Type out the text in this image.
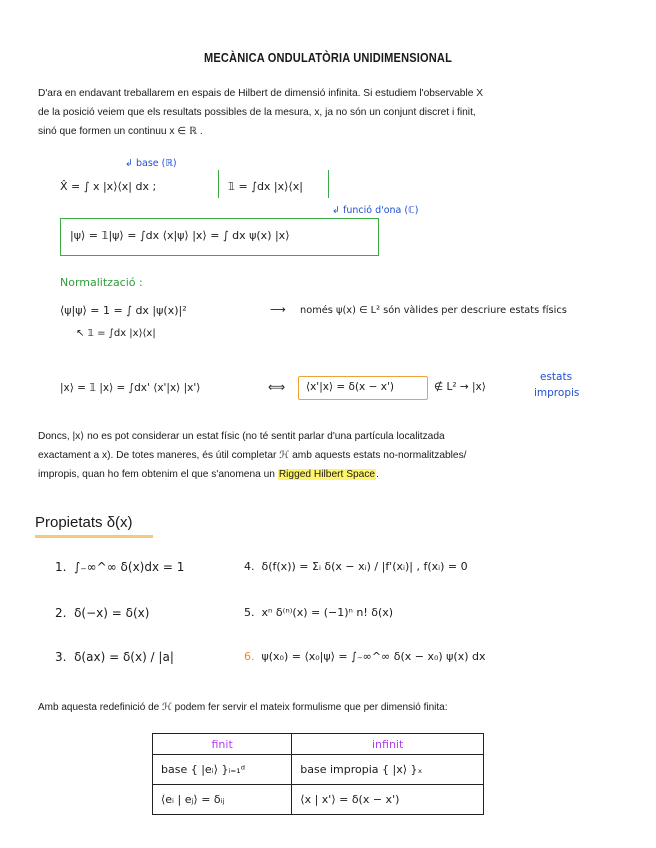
MECÀNICA ONDULATÒRIA UNIDIMENSIONAL
D'ara en endavant treballarem en espais de Hilbert de dimensió infinita. Si estudiem l'observable X
de la posició veiem que els resultats possibles de la mesura, x, ja no són un conjunt discret i finit,
sinó que formen un continuu x ∈ ℝ .
↲ base (ℝ)
X̂ = ∫ x |x⟩⟨x| dx ;	𝟙 = ∫dx |x⟩⟨x|
↲ funció d'ona (ℂ)
|ψ⟩ = 𝟙|ψ⟩ = ∫dx ⟨x|ψ⟩ |x⟩ = ∫ dx ψ(x) |x⟩
Normalització :
⟨ψ|ψ⟩ = 1 = ∫ dx |ψ(x)|²	⟶ només ψ(x) ∈ L² són vàlides per descriure estats físics
↖ 𝟙 = ∫dx |x⟩⟨x|
|x⟩ = 𝟙 |x⟩ = ∫dx' ⟨x'|x⟩ |x'⟩	⟺ ⟨x'|x⟩ = δ(x − x')	∉ L² → |x⟩
estats
impropis
Doncs, |x⟩ no es pot considerar un estat físic (no té sentit parlar d'una partícula localitzada
exactament a x). De totes maneres, és útil completar ℋ amb aquests estats no-normalitzables/
impropis, quan ho fem obtenim el que s'anomena un Rigged Hilbert Space.
Propietats δ(x)
1. ∫₋∞^∞ δ(x)dx = 1
2. δ(−x) = δ(x)
3. δ(ax) = δ(x) / |a|
4. δ(f(x)) = Σᵢ δ(x − xᵢ) / |f'(xᵢ)| , f(xᵢ) = 0
5. xⁿ δ⁽ⁿ⁾(x) = (−1)ⁿ n! δ(x)
6. ψ(x₀) = ⟨x₀|ψ⟩ = ∫₋∞^∞ δ(x − x₀) ψ(x) dx
Amb aquesta redefinició de ℋ podem fer servir el mateix formulisme que per dimensió finita:
finit	infinit
base { |eᵢ⟩ }ᵢ₌₁ᵈ	base impropia { |x⟩ }ₓ
⟨eᵢ | eⱼ⟩ = δᵢⱼ	⟨x | x'⟩ = δ(x − x')
